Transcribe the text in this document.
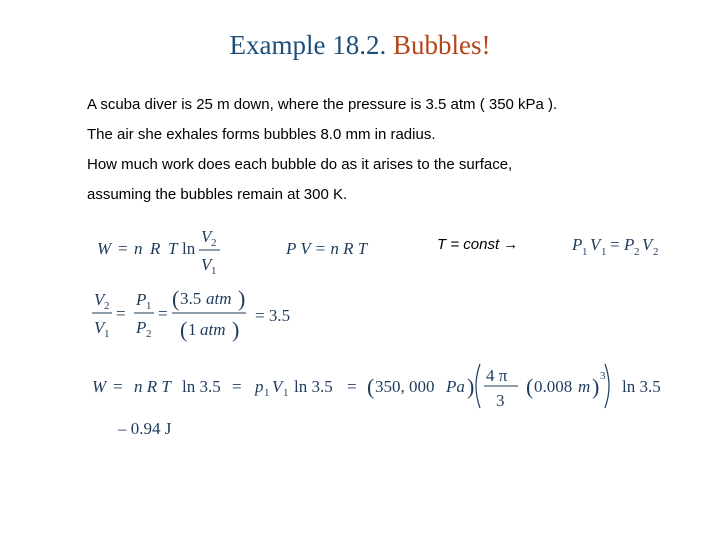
Example 18.2. Bubbles!
A scuba diver is 25 m down, where the pressure is 3.5 atm ( 350 kPa ).
The air she exhales forms bubbles 8.0 mm in radius.
How much work does each bubble do as it arises to the surface,
assuming the bubbles remain at 300 K.
T = const →
W = n R T ln
V 2
V 1
P V = n R T	P 1 V 1 = P 2 V 2
V 2
V 1
=
P 1
P 2
=
( 3.5 atm )
( 1 atm )
= 3.5
W = n R T ln 3.5 = p 1 V 1 ln 3.5 = ( 350, 000 Pa ) 4 π
3
( 0.008 m ) 3
ln 3.5
– 0.94 J
